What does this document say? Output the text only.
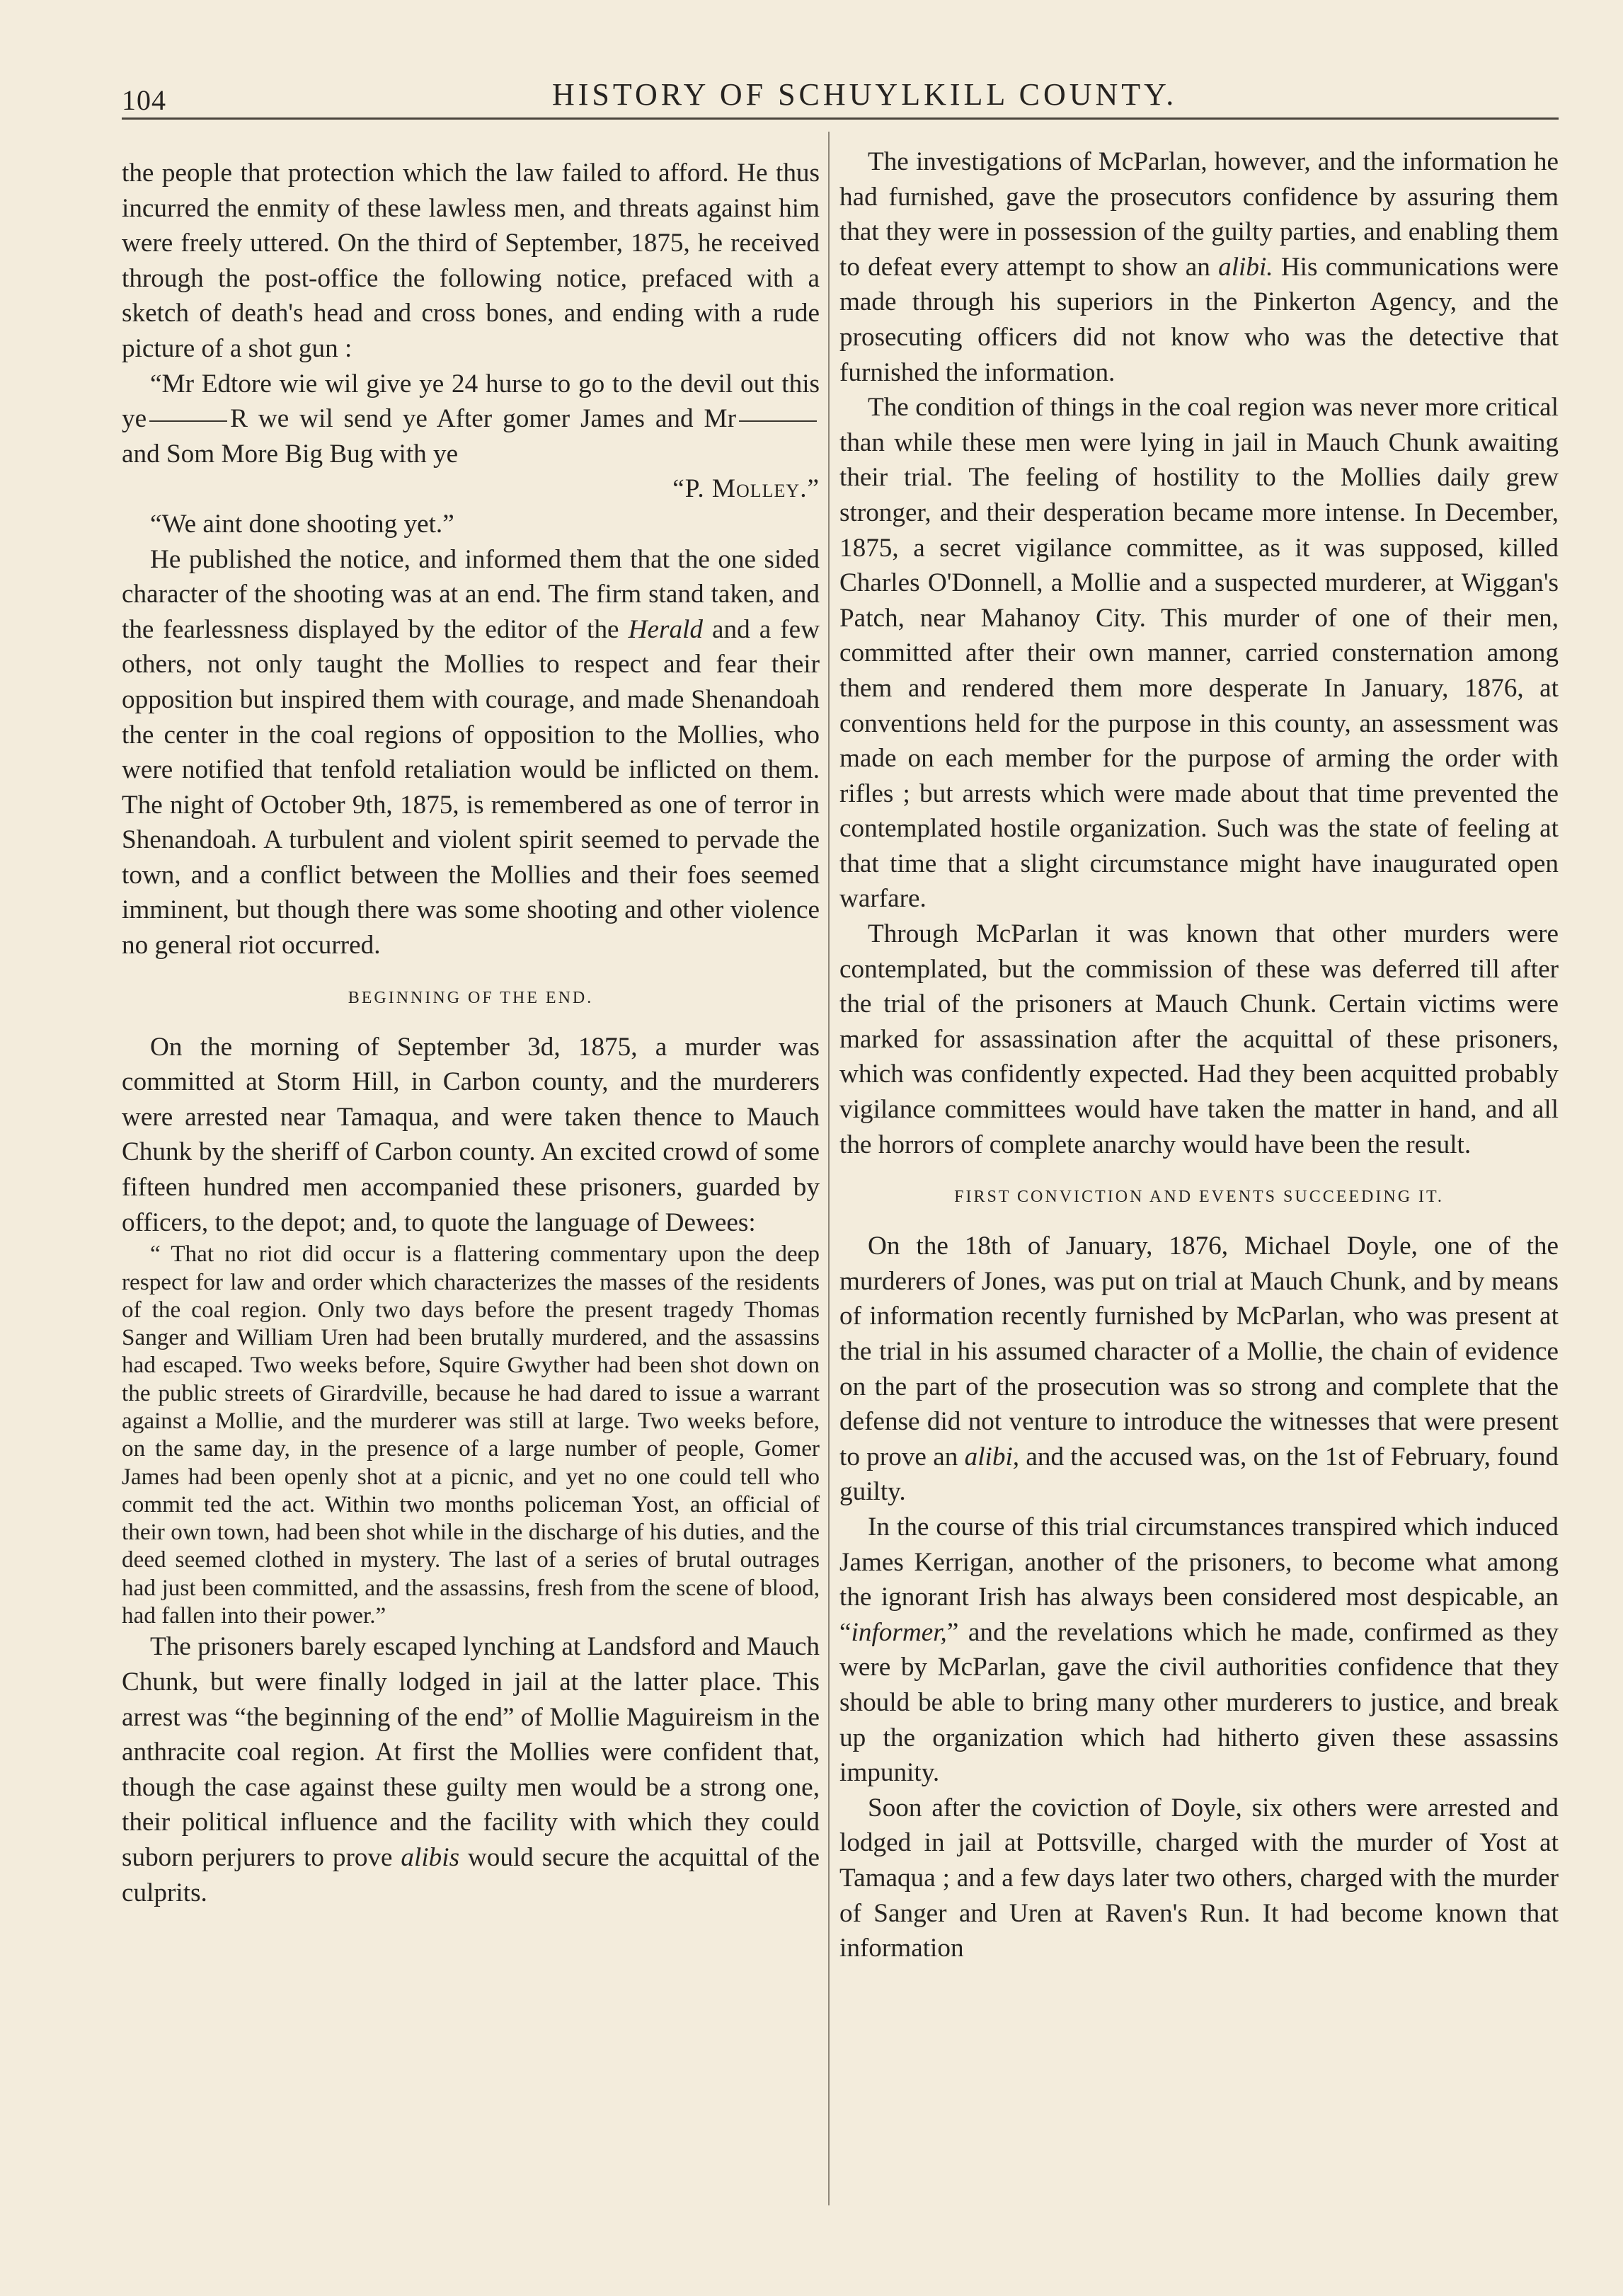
104	HISTORY OF SCHUYLKILL COUNTY.

the people that protection which the law failed to afford. He thus incurred the enmity of these lawless men, and threats against him were freely uttered. On the third of September, 1875, he received through the post-office the following notice, prefaced with a sketch of death's head and cross bones, and ending with a rude picture of a shot gun :

“Mr Edtore wie wil give ye 24 hurse to go to the devil out this ye	R we wil send ye After gomer James and Mrand Som More Big Bug with ye

“P. Molley.”

“We aint done shooting yet.”

He published the notice, and informed them that the one sided character of the shooting was at an end. The firm stand taken, and the fearlessness displayed by the editor of the Herald and a few others, not only taught the Mollies to respect and fear their opposition but inspired them with courage, and made Shenandoah the center in the coal regions of opposition to the Mollies, who were notified that tenfold retaliation would be inflicted on them. The night of October 9th, 1875, is remembered as one of terror in Shenandoah. A turbulent and violent spirit seemed to pervade the town, and a conflict between the Mollies and their foes seemed imminent, but though there was some shooting and other violence no general riot occurred.

BEGINNING OF THE END.

On the morning of September 3d, 1875, a murder was committed at Storm Hill, in Carbon county, and the murderers were arrested near Tamaqua, and were taken thence to Mauch Chunk by the sheriff of Carbon county. An excited crowd of some fifteen hundred men accompanied these prisoners, guarded by officers, to the depot; and, to quote the language of Dewees:

“ That no riot did occur is a flattering commentary upon the deep respect for law and order which characterizes the masses of the residents of the coal region. Only two days before the present tragedy Thomas Sanger and William Uren had been brutally murdered, and the assassins had escaped. Two weeks before, Squire Gwyther had been shot down on the public streets of Girardville, because he had dared to issue a warrant against a Mollie, and the murderer was still at large. Two weeks before, on the same day, in the presence of a large number of people, Gomer James had been openly shot at a picnic, and yet no one could tell who commit ted the act. Within two months policeman Yost, an official of their own town, had been shot while in the discharge of his duties, and the deed seemed clothed in mystery. The last of a series of brutal outrages had just been committed, and the assassins, fresh from the scene of blood, had fallen into their power.”

The prisoners barely escaped lynching at Landsford and Mauch Chunk, but were finally lodged in jail at the latter place. This arrest was “the beginning of the end” of Mollie Maguireism in the anthracite coal region. At first the Mollies were confident that, though the case against these guilty men would be a strong one, their political influence and the facility with which they could suborn perjurers to prove alibis would secure the acquittal of the culprits.

The investigations of McParlan, however, and the information he had furnished, gave the prosecutors confidence by assuring them that they were in possession of the guilty parties, and enabling them to defeat every attempt to show an alibi. His communications were made through his superiors in the Pinkerton Agency, and the prosecuting officers did not know who was the detective that furnished the information.

The condition of things in the coal region was never more critical than while these men were lying in jail in Mauch Chunk awaiting their trial. The feeling of hostility to the Mollies daily grew stronger, and their desperation became more intense. In December, 1875, a secret vigilance committee, as it was supposed, killed Charles O'Donnell, a Mollie and a suspected murderer, at Wiggan's Patch, near Mahanoy City. This murder of one of their men, committed after their own manner, carried consternation among them and rendered them more desperate In January, 1876, at conventions held for the purpose in this county, an assessment was made on each member for the purpose of arming the order with rifles ; but arrests which were made about that time prevented the contemplated hostile organization. Such was the state of feeling at that time that a slight circumstance might have inaugurated open warfare.

Through McParlan it was known that other murders were contemplated, but the commission of these was deferred till after the trial of the prisoners at Mauch Chunk. Certain victims were marked for assassination after the acquittal of these prisoners, which was confidently expected. Had they been acquitted probably vigilance committees would have taken the matter in hand, and all the horrors of complete anarchy would have been the result.

FIRST CONVICTION AND EVENTS SUCCEEDING IT.

On the 18th of January, 1876, Michael Doyle, one of the murderers of Jones, was put on trial at Mauch Chunk, and by means of information recently furnished by McParlan, who was present at the trial in his assumed character of a Mollie, the chain of evidence on the part of the prosecution was so strong and complete that the defense did not venture to introduce the witnesses that were present to prove an alibi, and the accused was, on the 1st of February, found guilty.

In the course of this trial circumstances transpired which induced James Kerrigan, another of the prisoners, to become what among the ignorant Irish has always been considered most despicable, an “informer,” and the revelations which he made, confirmed as they were by McParlan, gave the civil authorities confidence that they should be able to bring many other murderers to justice, and break up the organization which had hitherto given these assassins impunity.

Soon after the coviction of Doyle, six others were arrested and lodged in jail at Pottsville, charged with the murder of Yost at Tamaqua ; and a few days later two others, charged with the murder of Sanger and Uren at Raven's Run. It had become known that information
